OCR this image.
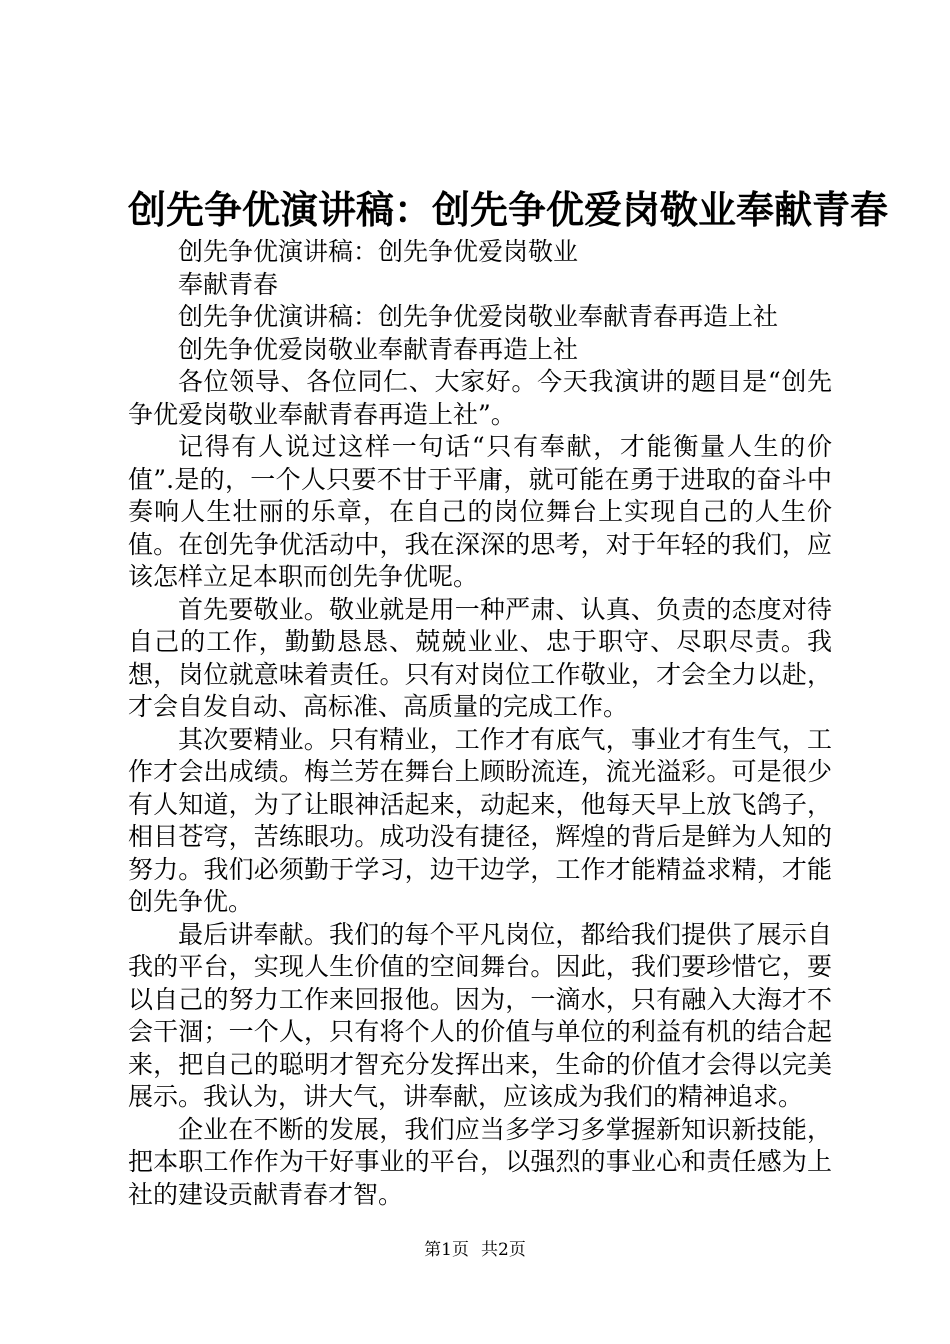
创先争优演讲稿：创先争优爱岗敬业奉献青春

创先争优演讲稿：创先争优爱岗敬业

奉献青春

创先争优演讲稿：创先争优爱岗敬业奉献青春再造上社

创先争优爱岗敬业奉献青春再造上社

各位领导、各位同仁、大家好。今天我演讲的题目是“创先争优爱岗敬业奉献青春再造上社”。

记得有人说过这样一句话“只有奉献，才能衡量人生的价值”.是的，一个人只要不甘于平庸，就可能在勇于进取的奋斗中奏响人生壮丽的乐章，在自己的岗位舞台上实现自己的人生价值。在创先争优活动中，我在深深的思考，对于年轻的我们，应该怎样立足本职而创先争优呢。

首先要敬业。敬业就是用一种严肃、认真、负责的态度对待自己的工作，勤勤恳恳、兢兢业业、忠于职守、尽职尽责。我想，岗位就意味着责任。只有对岗位工作敬业，才会全力以赴，才会自发自动、高标准、高质量的完成工作。

其次要精业。只有精业，工作才有底气，事业才有生气，工作才会出成绩。梅兰芳在舞台上顾盼流连，流光溢彩。可是很少有人知道，为了让眼神活起来，动起来，他每天早上放飞鸽子，相目苍穹，苦练眼功。成功没有捷径，辉煌的背后是鲜为人知的努力。我们必须勤于学习，边干边学，工作才能精益求精，才能创先争优。

最后讲奉献。我们的每个平凡岗位，都给我们提供了展示自我的平台，实现人生价值的空间舞台。因此，我们要珍惜它，要以自己的努力工作来回报他。因为，一滴水，只有融入大海才不会干涸；一个人，只有将个人的价值与单位的利益有机的结合起来，把自己的聪明才智充分发挥出来，生命的价值才会得以完美展示。我认为，讲大气，讲奉献，应该成为我们的精神追求。

企业在不断的发展，我们应当多学习多掌握新知识新技能，把本职工作作为干好事业的平台，以强烈的事业心和责任感为上社的建设贡献青春才智。

第1页 共2页
